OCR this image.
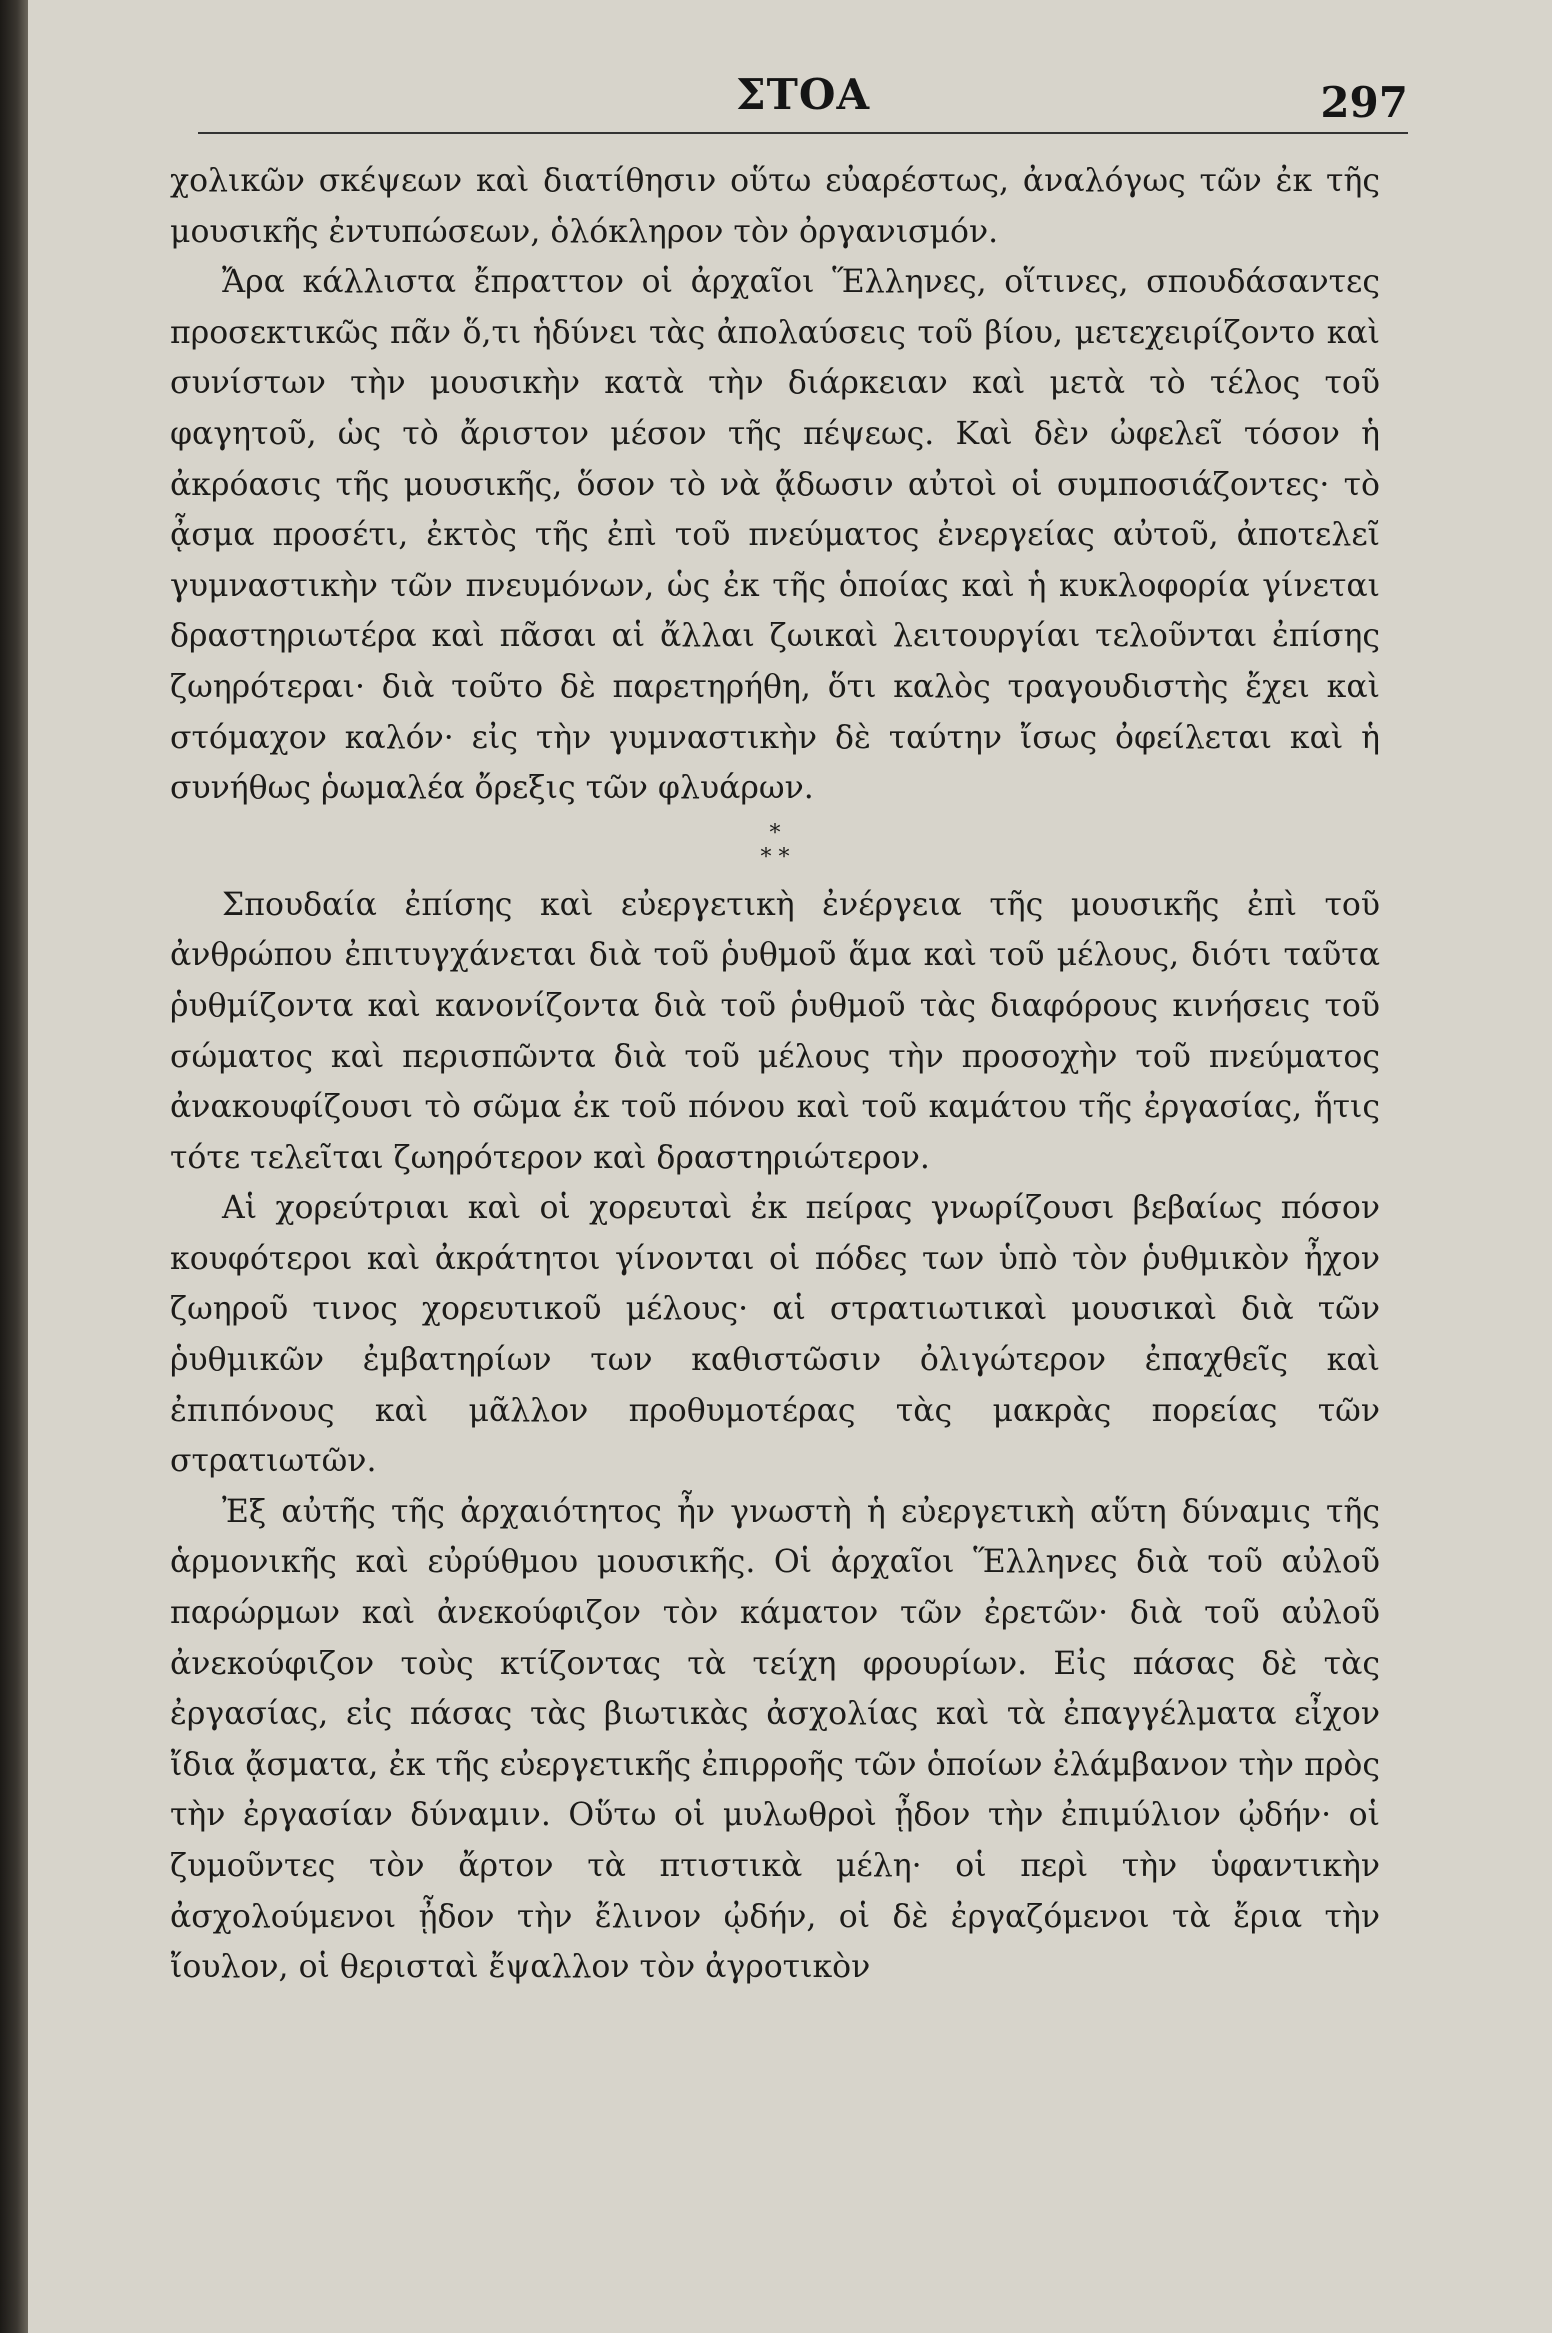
ΣΤΟΑ	297

χολικῶν σκέψεων καὶ διατίθησιν οὕτω εὐαρέστως, ἀναλόγως τῶν ἐκ τῆς μουσικῆς ἐντυπώσεων, ὁλόκληρον τὸν ὀργανισμόν.

Ἄρα κάλλιστα ἔπραττον οἱ ἀρχαῖοι Ἕλληνες, οἵτινες, σπουδάσαντες προσεκτικῶς πᾶν ὅ,τι ἡδύνει τὰς ἀπολαύσεις τοῦ βίου, μετεχειρίζοντο καὶ συνίστων τὴν μουσικὴν κατὰ τὴν διάρκειαν καὶ μετὰ τὸ τέλος τοῦ φαγητοῦ, ὡς τὸ ἄριστον μέσον τῆς πέψεως. Καὶ δὲν ὠφελεῖ τόσον ἡ ἀκρόασις τῆς μουσικῆς, ὅσον τὸ νὰ ᾄδωσιν αὐτοὶ οἱ συμποσιάζοντες· τὸ ᾆσμα προσέτι, ἐκτὸς τῆς ἐπὶ τοῦ πνεύματος ἐνεργείας αὐτοῦ, ἀποτελεῖ γυμναστικὴν τῶν πνευμόνων, ὡς ἐκ τῆς ὁποίας καὶ ἡ κυκλοφορία γίνεται δραστηριωτέρα καὶ πᾶσαι αἱ ἄλλαι ζωικαὶ λειτουργίαι τελοῦνται ἐπίσης ζωηρότεραι· διὰ τοῦτο δὲ παρετηρήθη, ὅτι καλὸς τραγουδιστὴς ἔχει καὶ στόμαχον καλόν· εἰς τὴν γυμναστικὴν δὲ ταύτην ἴσως ὀφείλεται καὶ ἡ συνήθως ῥωμαλέα ὄρεξις τῶν φλυάρων.

*
* *

Σπουδαία ἐπίσης καὶ εὐεργετικὴ ἐνέργεια τῆς μουσικῆς ἐπὶ τοῦ ἀνθρώπου ἐπιτυγχάνεται διὰ τοῦ ῥυθμοῦ ἅμα καὶ τοῦ μέλους, διότι ταῦτα ῥυθμίζοντα καὶ κανονίζοντα διὰ τοῦ ῥυθμοῦ τὰς διαφόρους κινήσεις τοῦ σώματος καὶ περισπῶντα διὰ τοῦ μέλους τὴν προσοχὴν τοῦ πνεύματος ἀνακουφίζουσι τὸ σῶμα ἐκ τοῦ πόνου καὶ τοῦ καμάτου τῆς ἐργασίας, ἥτις τότε τελεῖται ζωηρότερον καὶ δραστηριώτερον.

Αἱ χορεύτριαι καὶ οἱ χορευταὶ ἐκ πείρας γνωρίζουσι βεβαίως πόσον κουφότεροι καὶ ἀκράτητοι γίνονται οἱ πόδες των ὑπὸ τὸν ῥυθμικὸν ἦχον ζωηροῦ τινος χορευτικοῦ μέλους· αἱ στρατιωτικαὶ μουσικαὶ διὰ τῶν ῥυθμικῶν ἐμβατηρίων των καθιστῶσιν ὀλιγώτερον ἐπαχθεῖς καὶ ἐπιπόνους καὶ μᾶλλον προθυμοτέρας τὰς μακρὰς πορείας τῶν στρατιωτῶν.

Ἐξ αὐτῆς τῆς ἀρχαιότητος ἦν γνωστὴ ἡ εὐεργετικὴ αὕτη δύναμις τῆς ἁρμονικῆς καὶ εὐρύθμου μουσικῆς. Οἱ ἀρχαῖοι Ἕλληνες διὰ τοῦ αὐλοῦ παρώρμων καὶ ἀνεκούφιζον τὸν κάματον τῶν ἐρετῶν· διὰ τοῦ αὐλοῦ ἀνεκούφιζον τοὺς κτίζοντας τὰ τείχη φρουρίων. Εἰς πάσας δὲ τὰς ἐργασίας, εἰς πάσας τὰς βιωτικὰς ἀσχολίας καὶ τὰ ἐπαγγέλματα εἶχον ἴδια ᾄσματα, ἐκ τῆς εὐεργετικῆς ἐπιρροῆς τῶν ὁποίων ἐλάμβανον τὴν πρὸς τὴν ἐργασίαν δύναμιν. Οὕτω οἱ μυλωθροὶ ᾖδον τὴν ἐπιμύλιον ᾠδήν· οἱ ζυμοῦντες τὸν ἄρτον τὰ πτιστικὰ μέλη· οἱ περὶ τὴν ὑφαντικὴν ἀσχολούμενοι ᾖδον τὴν ἔλινον ᾠδήν, οἱ δὲ ἐργαζόμενοι τὰ ἔρια τὴν ἴουλον, οἱ θερισταὶ ἔψαλλον τὸν ἀγροτικὸν
